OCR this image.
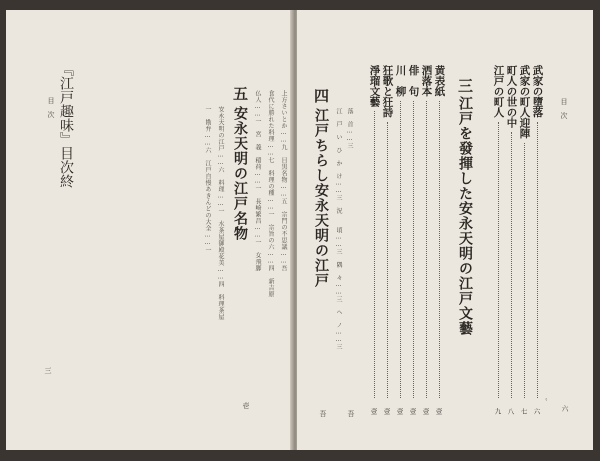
目　次 『江戸趣味』目次終
三
五
安永天明の江戸名物	上方さいとか……九　目黒名物……五　宗門の不思議……吾
食代に勝れた料理……七　料理の種……一　宗旨の六……四　新吉原
仏人……一　宮　義　稲荷……一　長崎繁昌……一　女飛脚
安永天明の江戸……六　料理……一　水茶屋御殿花美……四　料理茶屋
一　勘弁……六　江戸自慢あきんどの大全……一
壱
目　次
六
三
江戸を發揮した安永天明の江戸文藝
四
江戸ちらし安永天明の江戸 江　戸　い　ひ　か　け……三　況　　頃……三　隅　々……三　ヘ　ノ……三 落　首……三
吾
吾
〟
武家の墮落
六
武家の町人迎陣
七
町人の世の中
八
江戸の町人
九
黄表紙
壹
洒落本
壹
俳　句
壹
川　柳
壹
狂歌と狂詩
壹
淨瑠文藝
壹
